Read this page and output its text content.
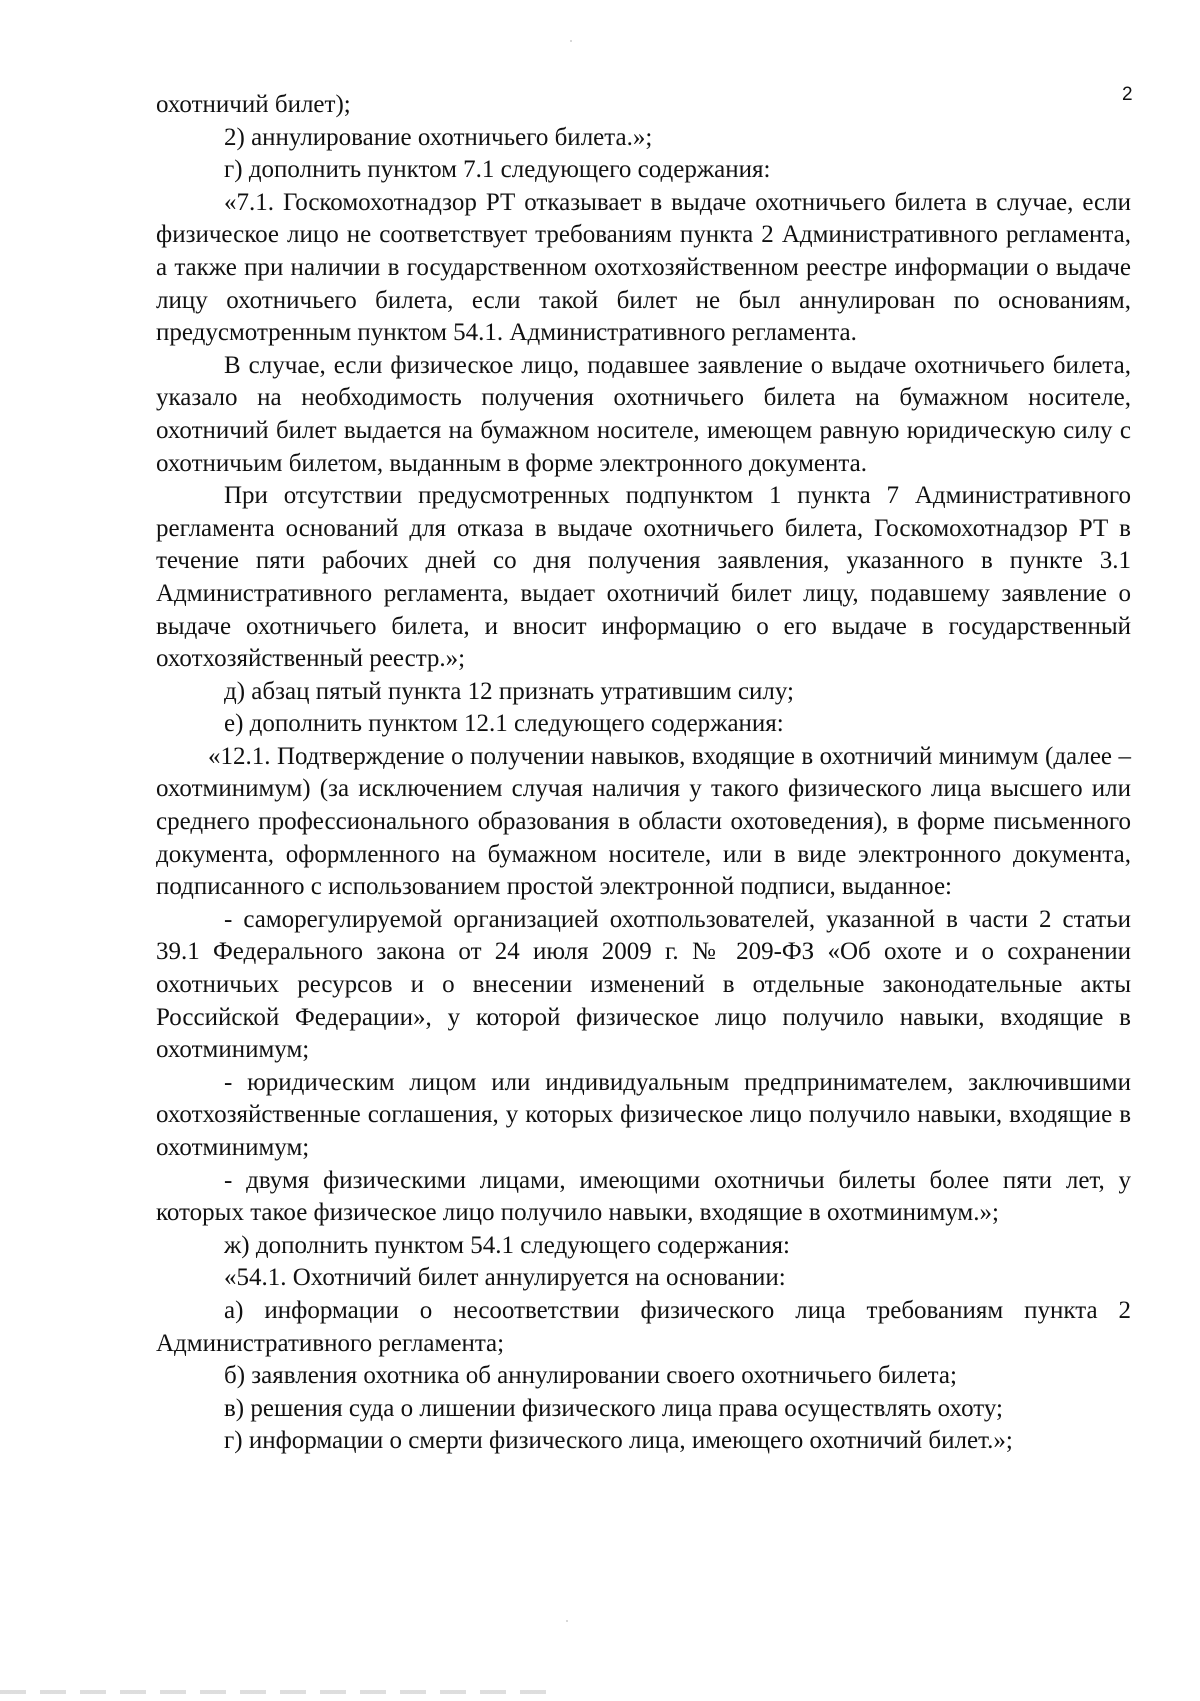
2

охотничий билет);

2) аннулирование охотничьего билета.»;

г) дополнить пунктом 7.1 следующего содержания:

«7.1. Госкомохотнадзор РТ отказывает в выдаче охотничьего билета в случае, если физическое лицо не соответствует требованиям пункта 2 Административного регламента, а также при наличии в государственном охотхозяйственном реестре информации о выдаче лицу охотничьего билета, если такой билет не был аннулирован по основаниям, предусмотренным пунктом 54.1. Административного регламента.

В случае, если физическое лицо, подавшее заявление о выдаче охотничьего билета, указало на необходимость получения охотничьего билета на бумажном носителе, охотничий билет выдается на бумажном носителе, имеющем равную юридическую силу с охотничьим билетом, выданным в форме электронного документа.

При отсутствии предусмотренных подпунктом 1 пункта 7 Административного регламента оснований для отказа в выдаче охотничьего билета, Госкомохотнадзор РТ в течение пяти рабочих дней со дня получения заявления, указанного в пункте 3.1 Административного регламента, выдает охотничий билет лицу, подавшему заявление о выдаче охотничьего билета, и вносит информацию о его выдаче в государственный охотхозяйственный реестр.»;

д) абзац пятый пункта 12 признать утратившим силу;

е) дополнить пунктом 12.1 следующего содержания:

«12.1. Подтверждение о получении навыков, входящие в охотничий минимум (далее – охотминимум) (за исключением случая наличия у такого физического лица высшего или среднего профессионального образования в области охотоведения), в форме письменного документа, оформленного на бумажном носителе, или в виде электронного документа, подписанного с использованием простой электронной подписи, выданное:

- саморегулируемой организацией охотпользователей, указанной в части 2 статьи 39.1 Федерального закона от 24 июля 2009 г. № 209-ФЗ «Об охоте и о сохранении охотничьих ресурсов и о внесении изменений в отдельные законодательные акты Российской Федерации», у которой физическое лицо получило навыки, входящие в охотминимум;

- юридическим лицом или индивидуальным предпринимателем, заключившими охотхозяйственные соглашения, у которых физическое лицо получило навыки, входящие в охотминимум;

- двумя физическими лицами, имеющими охотничьи билеты более пяти лет, у которых такое физическое лицо получило навыки, входящие в охотминимум.»;

ж) дополнить пунктом 54.1 следующего содержания:

«54.1. Охотничий билет аннулируется на основании:

а) информации о несоответствии физического лица требованиям пункта 2 Административного регламента;

б) заявления охотника об аннулировании своего охотничьего билета;

в) решения суда о лишении физического лица права осуществлять охоту;

г) информации о смерти физического лица, имеющего охотничий билет.»;
